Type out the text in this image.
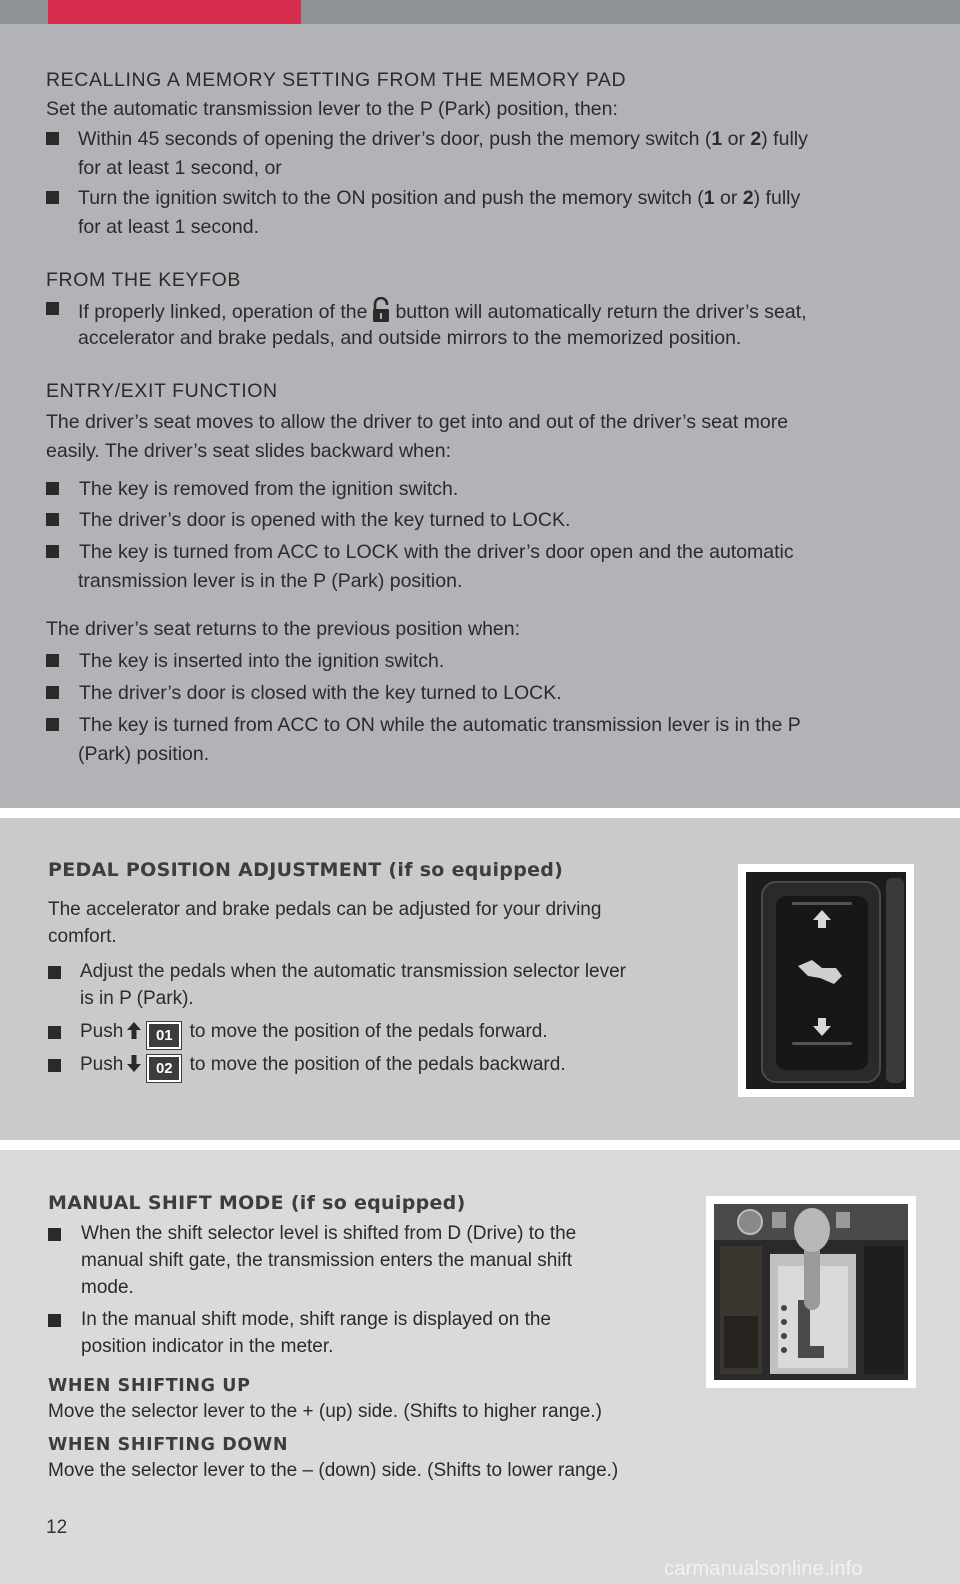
RECALLING A MEMORY SETTING FROM THE MEMORY PAD
Set the automatic transmission lever to the P (Park) position, then:
Within 45 seconds of opening the driver’s door, push the memory switch (1 or 2) fully
for at least 1 second, or
Turn the ignition switch to the ON position and push the memory switch (1 or 2) fully
for at least 1 second.
FROM THE KEYFOB
If properly linked, operation of the button will automatically return the driver’s seat,
accelerator and brake pedals, and outside mirrors to the memorized position.
ENTRY/EXIT FUNCTION
The driver’s seat moves to allow the driver to get into and out of the driver’s seat more
easily. The driver’s seat slides backward when:
The key is removed from the ignition switch.
The driver’s door is opened with the key turned to LOCK.
The key is turned from ACC to LOCK with the driver’s door open and the automatic
transmission lever is in the P (Park) position.
The driver’s seat returns to the previous position when:
The key is inserted into the ignition switch.
The driver’s door is closed with the key turned to LOCK.
The key is turned from ACC to ON while the automatic transmission lever is in the P
(Park) position.
PEDAL POSITION ADJUSTMENT (if so equipped)
The accelerator and brake pedals can be adjusted for your driving
comfort.
Adjust the pedals when the automatic transmission selector lever
is in P (Park).
Push 01 to move the position of the pedals forward.
Push 02 to move the position of the pedals backward.
MANUAL SHIFT MODE (if so equipped)
When the shift selector level is shifted from D (Drive) to the
manual shift gate, the transmission enters the manual shift
mode.
In the manual shift mode, shift range is displayed on the
position indicator in the meter.
WHEN SHIFTING UP
Move the selector lever to the + (up) side. (Shifts to higher range.)
WHEN SHIFTING DOWN
Move the selector lever to the – (down) side. (Shifts to lower range.)
12
carmanualsonline.info
